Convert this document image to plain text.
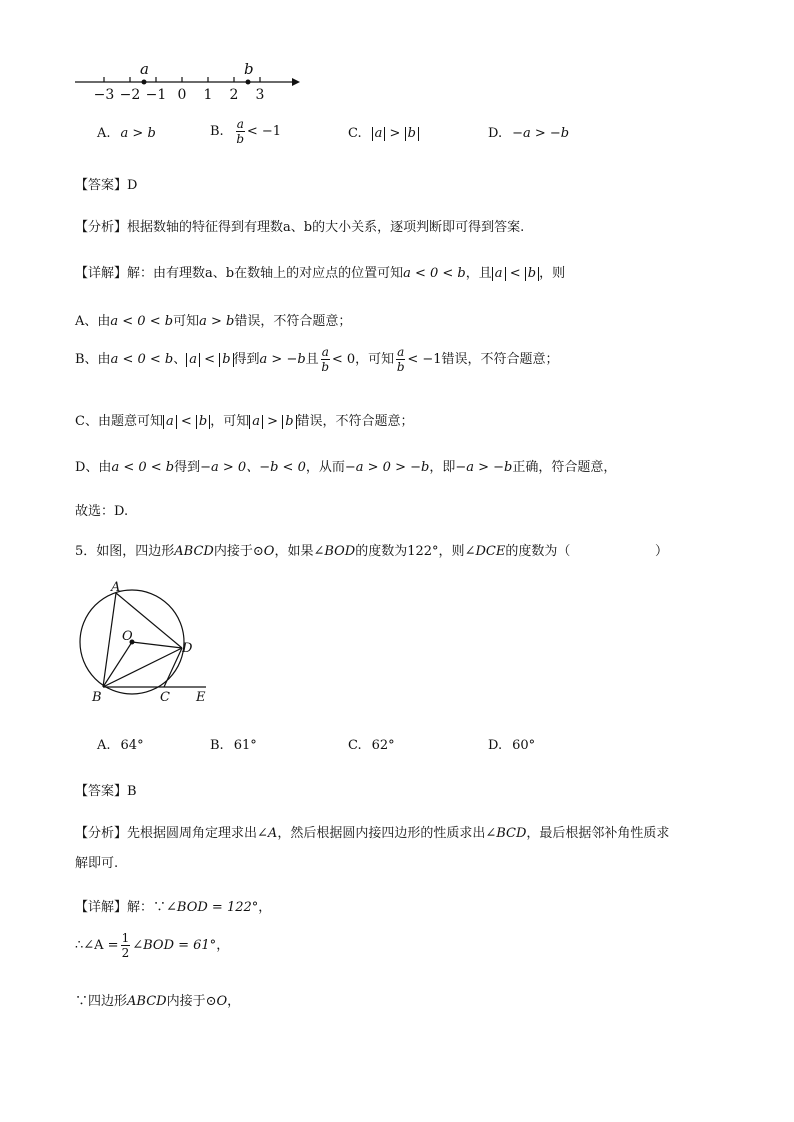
−3 −2 −1 0 1 2 3
a	b
A. a > b	B. $\frac{a}{b} < -1$	C. a > b	D. −a > −b
【答案】D
【分析】根据数轴的特征得到有理数a、b的大小关系，逐项判断即可得到答案.
【详解】解：由有理数a、b在数轴上的对应点的位置可知a < 0 < b，且 a < b ，则
A、由a < 0 < b可知a > b错误，不符合题意；
B、由a < 0 < b、 a < b 得到a > −b且 $\frac{a}{b} < 0$，可知 $\frac{a}{b} < -1$错误，不符合题意；
C、由题意可知 a < b ，可知 a > b 错误，不符合题意；
D、由a < 0 < b得到−a > 0、−b < 0，从而−a > 0 > −b，即−a > −b正确，符合题意，
故选：D.
5．如图，四边形ABCD内接于⊙O，如果∠BOD的度数为122°，则∠DCE的度数为（	）
A
O
D
B	C E
A. 64°	B. 61°	C. 62°	D. 60°
【答案】B
【分析】先根据圆周角定理求出∠A，然后根据圆内接四边形的性质求出∠BCD，最后根据邻补角性质求
解即可.
【详解】解：∵∠BOD = 122°，
∴∠A = $\frac{1}{2}$ ∠BOD = 61°，
∵四边形ABCD内接于⊙O，
